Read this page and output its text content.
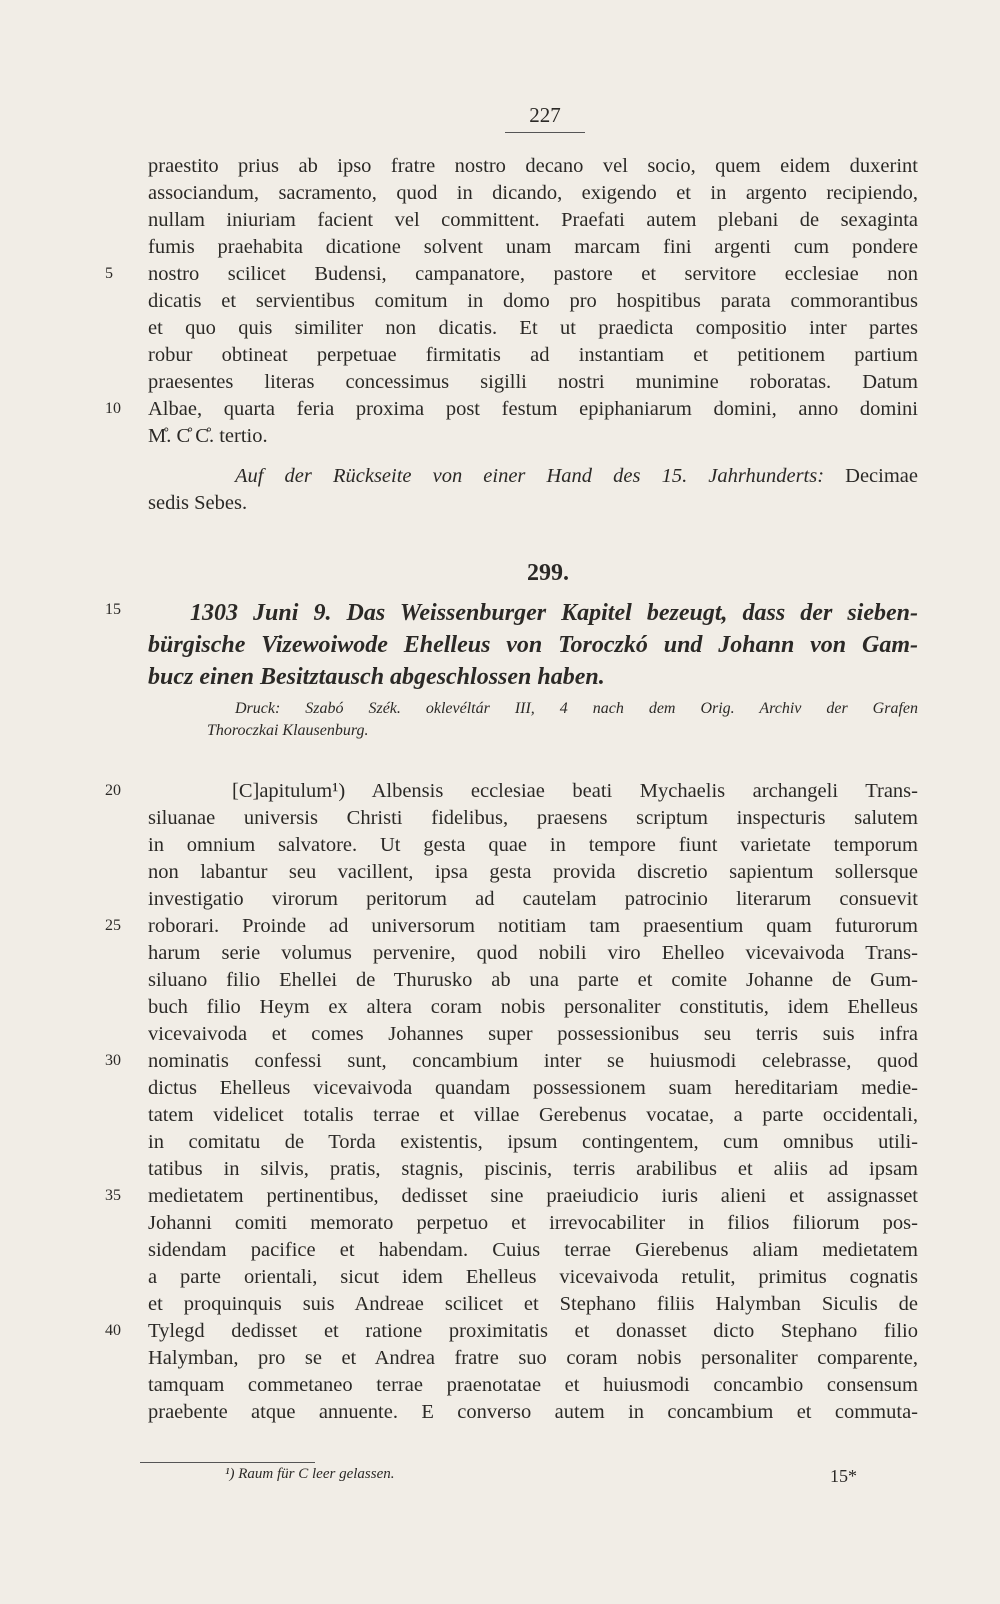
227
praestito prius ab ipso fratre nostro decano vel socio, quem eidem duxerint
associandum, sacramento, quod in dicando, exigendo et in argento recipiendo,
nullam iniuriam facient vel committent. Praefati autem plebani de sexaginta
fumis praehabita dicatione solvent unam marcam fini argenti cum pondere
nostro scilicet Budensi, campanatore, pastore et servitore ecclesiae non
dicatis et servientibus comitum in domo pro hospitibus parata commorantibus
et quo quis similiter non dicatis. Et ut praedicta compositio inter partes
robur obtineat perpetuae firmitatis ad instantiam et petitionem partium
praesentes literas concessimus sigilli nostri munimine roboratas. Datum
Albae, quarta feria proxima post festum epiphaniarum domini, anno domini
M̊. C̊ C̊. tertio.
Auf der Rückseite von einer Hand des 15. Jahrhunderts: Decimae
sedis Sebes.
299.
1303 Juni 9. Das Weissenburger Kapitel bezeugt, dass der sieben-
bürgische Vizewoiwode Ehelleus von Toroczkó und Johann von Gam-
bucz einen Besitztausch abgeschlossen haben.
Druck: Szabó Szék. oklevéltár III, 4 nach dem Orig. Archiv der Grafen
Thoroczkai Klausenburg.
[C]apitulum¹) Albensis ecclesiae beati Mychaelis archangeli Trans-
siluanae universis Christi fidelibus, praesens scriptum inspecturis salutem
in omnium salvatore. Ut gesta quae in tempore fiunt varietate temporum
non labantur seu vacillent, ipsa gesta provida discretio sapientum sollersque
investigatio virorum peritorum ad cautelam patrocinio literarum consuevit
roborari. Proinde ad universorum notitiam tam praesentium quam futurorum
harum serie volumus pervenire, quod nobili viro Ehelleo vicevaivoda Trans-
siluano filio Ehellei de Thurusko ab una parte et comite Johanne de Gum-
buch filio Heym ex altera coram nobis personaliter constitutis, idem Ehelleus
vicevaivoda et comes Johannes super possessionibus seu terris suis infra
nominatis confessi sunt, concambium inter se huiusmodi celebrasse, quod
dictus Ehelleus vicevaivoda quandam possessionem suam hereditariam medie-
tatem videlicet totalis terrae et villae Gerebenus vocatae, a parte occidentali,
in comitatu de Torda existentis, ipsum contingentem, cum omnibus utili-
tatibus in silvis, pratis, stagnis, piscinis, terris arabilibus et aliis ad ipsam
medietatem pertinentibus, dedisset sine praeiudicio iuris alieni et assignasset
Johanni comiti memorato perpetuo et irrevocabiliter in filios filiorum pos-
sidendam pacifice et habendam. Cuius terrae Gierebenus aliam medietatem
a parte orientali, sicut idem Ehelleus vicevaivoda retulit, primitus cognatis
et proquinquis suis Andreae scilicet et Stephano filiis Halymban Siculis de
Tylegd dedisset et ratione proximitatis et donasset dicto Stephano filio
Halymban, pro se et Andrea fratre suo coram nobis personaliter comparente,
tamquam commetaneo terrae praenotatae et huiusmodi concambio consensum
praebente atque annuente. E converso autem in concambium et commuta-
5
10
15
20
25
30
35
40
¹) Raum für C leer gelassen.	15*
